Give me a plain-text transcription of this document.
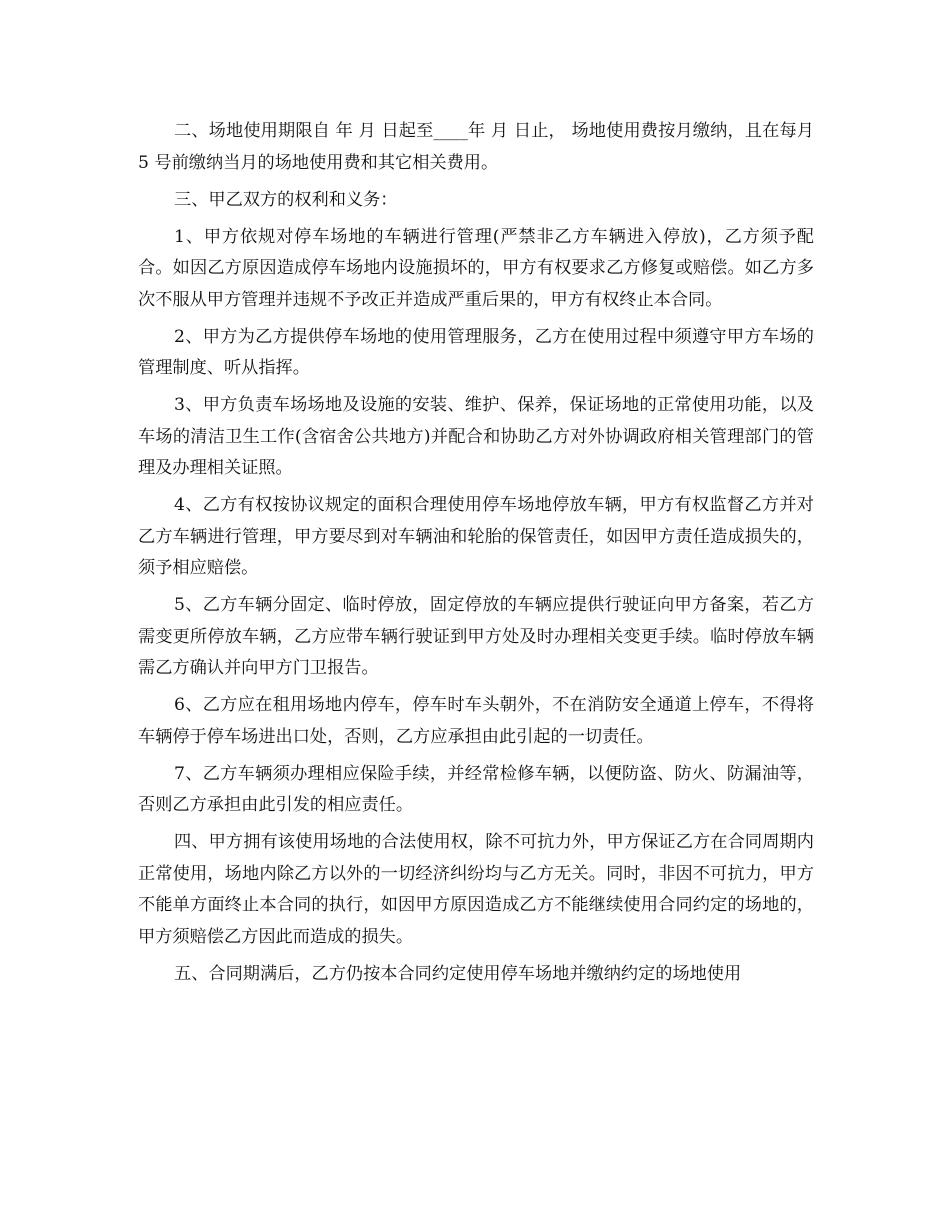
二、场地使用期限自 年 月 日起至____年 月 日止， 场地使用费按月缴纳，且在每月 5 号前缴纳当月的场地使用费和其它相关费用。

三、甲乙双方的权利和义务：

1、甲方依规对停车场地的车辆进行管理(严禁非乙方车辆进入停放)，乙方须予配合。如因乙方原因造成停车场地内设施损坏的，甲方有权要求乙方修复或赔偿。如乙方多次不服从甲方管理并违规不予改正并造成严重后果的，甲方有权终止本合同。

2、甲方为乙方提供停车场地的使用管理服务，乙方在使用过程中须遵守甲方车场的管理制度、听从指挥。

3、甲方负责车场场地及设施的安装、维护、保养，保证场地的正常使用功能，以及车场的清洁卫生工作(含宿舍公共地方)并配合和协助乙方对外协调政府相关管理部门的管理及办理相关证照。

4、乙方有权按协议规定的面积合理使用停车场地停放车辆，甲方有权监督乙方并对乙方车辆进行管理，甲方要尽到对车辆油和轮胎的保管责任，如因甲方责任造成损失的，须予相应赔偿。

5、乙方车辆分固定、临时停放，固定停放的车辆应提供行驶证向甲方备案，若乙方需变更所停放车辆，乙方应带车辆行驶证到甲方处及时办理相关变更手续。临时停放车辆需乙方确认并向甲方门卫报告。

6、乙方应在租用场地内停车，停车时车头朝外，不在消防安全通道上停车，不得将车辆停于停车场进出口处，否则，乙方应承担由此引起的一切责任。

7、乙方车辆须办理相应保险手续，并经常检修车辆，以便防盗、防火、防漏油等，否则乙方承担由此引发的相应责任。

四、甲方拥有该使用场地的合法使用权，除不可抗力外，甲方保证乙方在合同周期内正常使用，场地内除乙方以外的一切经济纠纷均与乙方无关。同时，非因不可抗力，甲方不能单方面终止本合同的执行，如因甲方原因造成乙方不能继续使用合同约定的场地的，甲方须赔偿乙方因此而造成的损失。

五、合同期满后，乙方仍按本合同约定使用停车场地并缴纳约定的场地使用
